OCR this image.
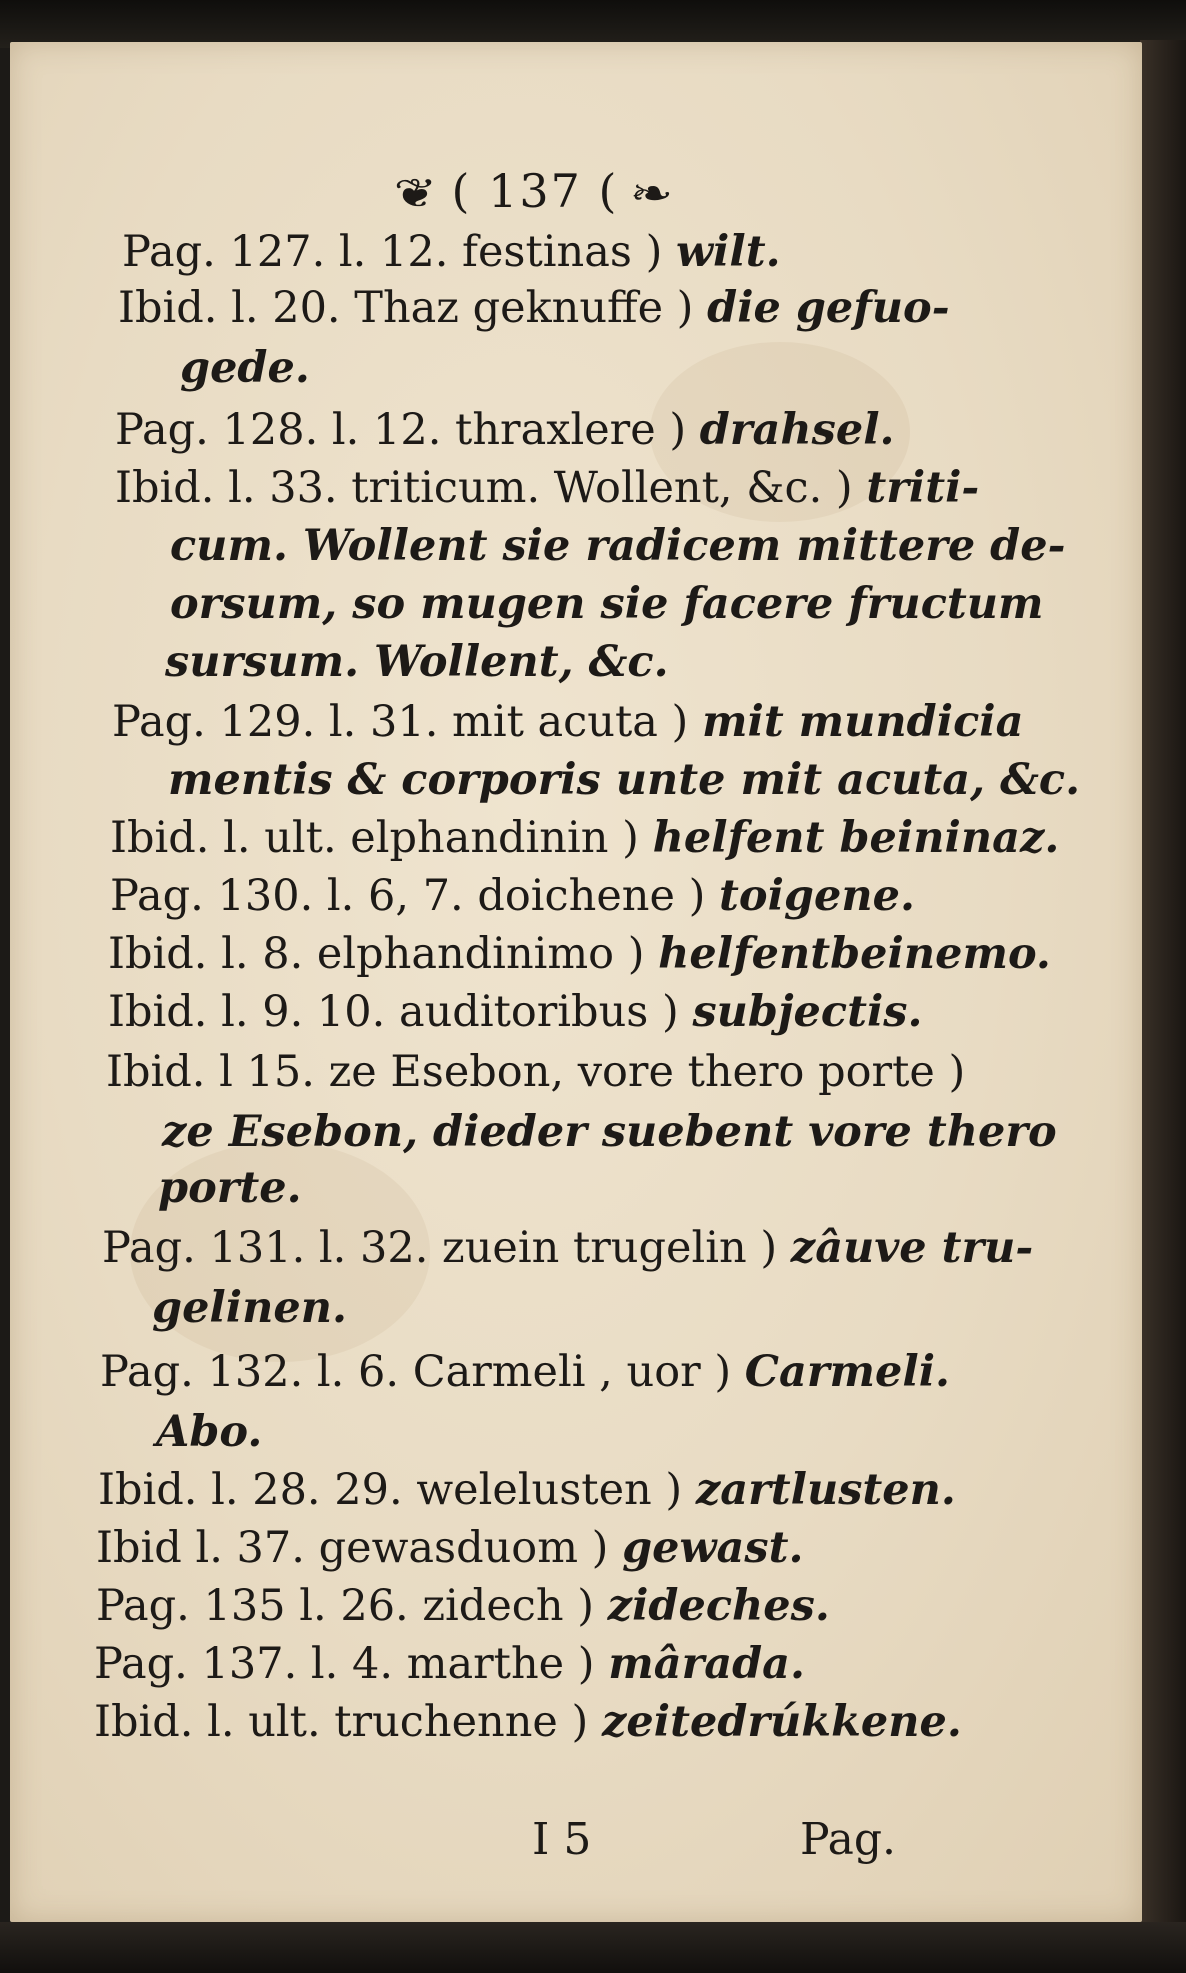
❦ ( 137 ( ❧
Pag. 127. l. 12. festinas ) wilt.
Ibid. l. 20. Thaz geknuffe ) die gefuo-
gede.
Pag. 128. l. 12. thraxlere ) drahsel.
Ibid. l. 33. triticum. Wollent, &c. ) triti-
cum. Wollent sie radicem mittere de-
orsum, so mugen sie facere fructum
sursum. Wollent, &c.
Pag. 129. l. 31. mit acuta ) mit mundicia
mentis & corporis unte mit acuta, &c.
Ibid. l. ult. elphandinin ) helfent beininaz.
Pag. 130. l. 6, 7. doichene ) toigene.
Ibid. l. 8. elphandinimo ) helfentbeinemo.
Ibid. l. 9. 10. auditoribus ) subjectis.
Ibid. l 15. ze Esebon, vore thero porte )
ze Esebon, dieder suebent vore thero
porte.
Pag. 131. l. 32. zuein trugelin ) zâuve tru-
gelinen.
Pag. 132. l. 6. Carmeli , uor ) Carmeli.
Abo.
Ibid. l. 28. 29. welelusten ) zartlusten.
Ibid l. 37. gewasduom ) gewast.
Pag. 135 l. 26. zidech ) zideches.
Pag. 137. l. 4. marthe ) mârada.
Ibid. l. ult. truchenne ) zeitedrúkkene.
I 5	Pag.
